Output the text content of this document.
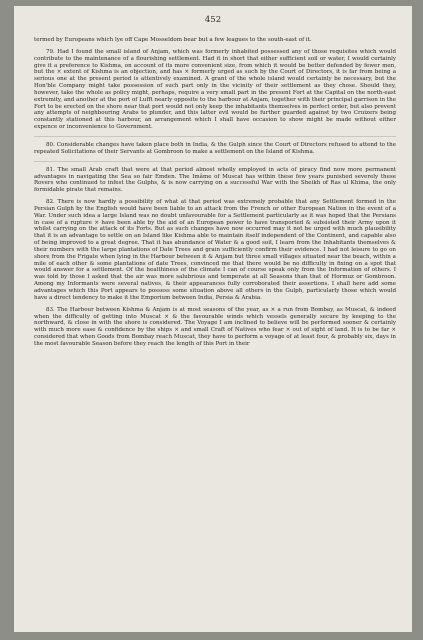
452

termed by Europeans which lye off Cape Mosseldom bear but a few leagues to the south-east of it.

79. Had I found the small island of Anjam, which was formerly inhabited possessed any of those requisites which would contribute to the maintenance of a flourishing settlement. Had it in short that either sufficient soil or water, I would certainly give it a preference to Kishma, on account of its more convenient size, from which it would be better defended by fewer men, but the × extent of Kishma is an objection, and has × formerly urged as such by the Court of Directors, it is far from being a serious one at the present period is attentively examined. A grant of the whole island would certainly be necessary, but the Hon'ble Company might take possession of such part only in the vicinity of their settlement as they chose. Should they, however, take the whole as policy might, perhaps, require a very small part in the present Fort at the Capital on the north-east extremity, and another at the port of Lufft nearly opposite to the harbour at Anjam, together with their principal garrison in the Fort to be erected on the shore near that port would not only keep the inhabitants themselves in perfect order, but also prevent any attempts of neighbouring Arabs to plunder, and this latter evil would be further guarded against by two Cruizers being constantly stationed at this harbour, an arrangement which I shall have occasion to show might be made without either expence or inconvenience to Government.

80. Considerable changes have taken place both in India, & the Gulph since the Court of Directors refused to attend to the repeated Solicitations of their Servants at Gombroon to make a settlement on the Island of Kishma.

81. The small Arab craft that were at that period almost wholly employed in acts of piracy find now more permanent advantages in navigating the Sea so fair Emden. The Imâme of Muscat has within these few years punished severely these Rovers who continued to infest the Gulphs, & is now carrying on a successful War with the Sheikh of Ras ul Khima, the only formidable pirate that remains.

82. There is now hardly a possibility of what at that period was extremely probable that any Settlement formed in the Persian Gulph by the English would have been liable to an attack from the French or other European Nation in the event of a War. Under such idea a large Island was no doubt unfavourable for a Settlement particularly as it was hoped that the Persians in case of a rupture × have been able by the aid of an European power to have transported & subsisted their Army upon it whilst carrying on the attack of its Forts. But as such changes have now occurred may it not be urged with much plausibility that it is an advantage to settle on an Island like Kishma able to maintain itself independent of the Continent, and capable also of being improved to a great degree. That it has abundance of Water & a good soil, I learn from the Inhabitants themselves & their numbers with the large plantations of Date Trees and grain sufficiently confirm their evidence. I had not leisure to go on shore from the Frigate when lying in the Harbour between it & Anjam but three small villages situated near the beach, within a mile of each other & some plantations of date Trees, convinced me that there would be no difficulty in fixing on a spot that would answer for a settlement. Of the healthiness of the climate I can of course speak only from the Information of others. I was told by those I asked that the air was more salubrious and temperate at all Seasons than that of Hormuz or Gombroon. Among my Informants were several natives, & their appearances fully corroborated their assertions. I shall here add some advantages which this Port appears to possess some situation above all others in the Gulph, particularly those which would have a direct tendency to make it the Emporium between India, Persia & Arabia.

83. The Harbour between Kishma & Anjam is at most seasons of the year, as × a run from Bombay, as Muscat, & indeed when the difficulty of getting into Muscat × & the favourable winds which vessels generally secure by keeping to the northward, & close in with the shore is considered. The Voyage I am inclined to believe will be performed sooner & certainly with much more ease & confidence by the ships × and small Craft of Natives who fear × out of sight of land. It is to be far × considered that when Goods from Bombay reach Muscat, they have to perform a voyage of at least four, & probably six, days in the most favourable Season before they reach the length of this Port in their
